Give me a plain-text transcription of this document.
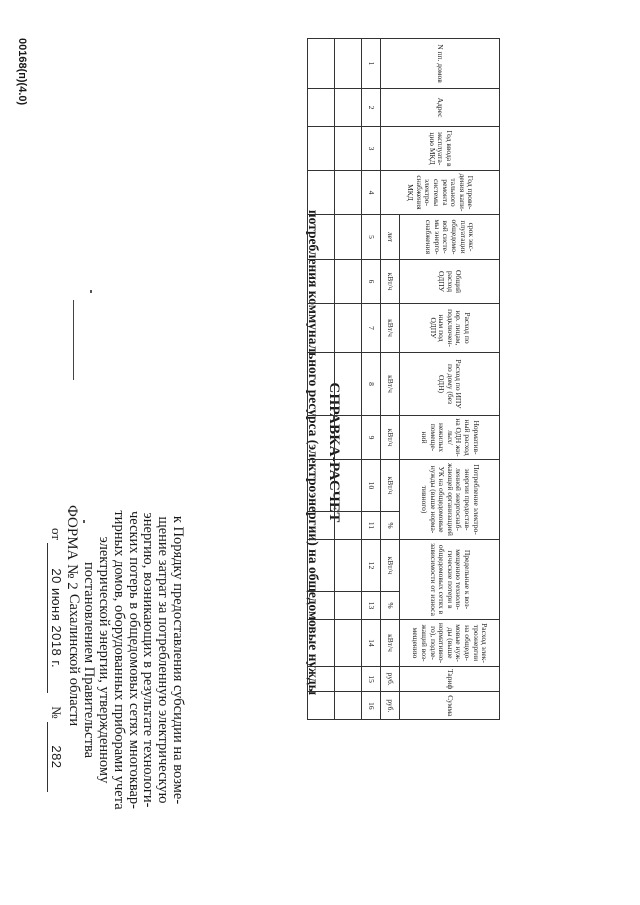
ФОРМА № 2	к Порядку предоставления субсидии на возме-
щение затрат за потребленную электрическую
энергию, возникающих в результате технологи-
ческих потерь в общедомовых сетях многоквар-
тирных домов, оборудованных приборами учета
электрической энергии, утвержденному
постановлением Правительства
Сахалинской области
от 20 июня 2018 г.    № 282
СПРАВКА-РАСЧЕТ
потребления коммунального ресурса (электроэнергии) на общедомовые нужды
N пп. домов	Адрес	Год ввода в эксплуата- цию МКД	Год прове- дения капи- тального ремонта системы электро- снабжения МКД	срок экс- плуатации общедомо- вой систе- мы энерго- снабжения	Общий расход ОДПУ	Расход по юр. лицам, подключен- ным под ОДПУ	Расход по ИПУ по дому (без ОДН)	Норматив- ный расход на ОДН жи- лых/нежилых помеще- ний	Потребление электро- энергии предостав- ленной энергоснаб- жающей организацией УК на общедомовые нужды (выше норма- тивного)		Предельные к воз- мещению техноло- гические потери в общедомовых сетях в зависимости от износа		Расход элек- троэнергии на общедо- мовые нуж- ды (выше нормативно- го), подле- жащий воз- мещению	Тариф	Сумма
				лет	кВт/ч	кВт/ч	кВт/ч	кВт/ч	кВт/ч	%	кВт/ч	%	кВт/ч	руб.	руб.
1	2	3	4	5	6	7	8	9	10	11	12	13	14	15	16

00168(п)(4.0)
